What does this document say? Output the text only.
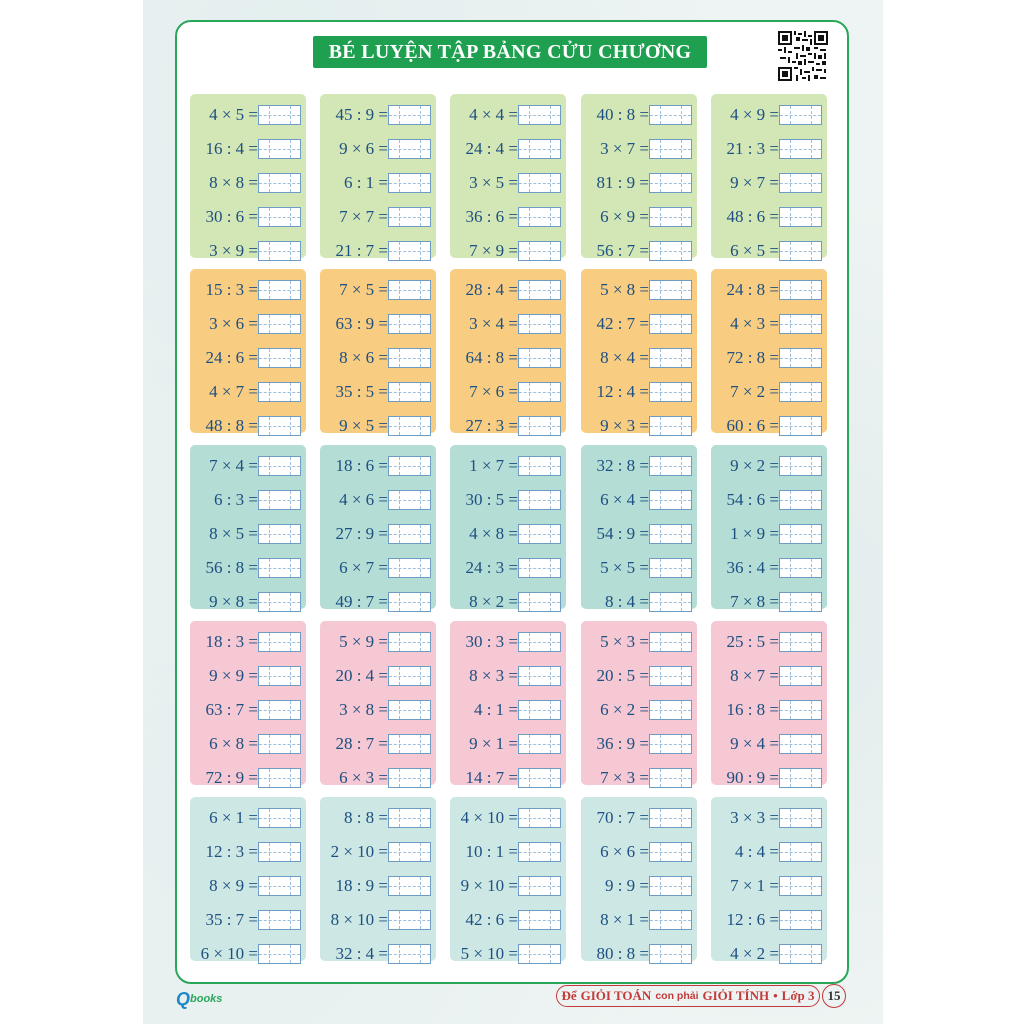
BÉ LUYỆN TẬP BẢNG CỬU CHƯƠNG
4 × 5 =
16 : 4 =
8 × 8 =
30 : 6 =
3 × 9 =
45 : 9 =
9 × 6 =
6 : 1 =
7 × 7 =
21 : 7 =
4 × 4 =
24 : 4 =
3 × 5 =
36 : 6 =
7 × 9 =
40 : 8 =
3 × 7 =
81 : 9 =
6 × 9 =
56 : 7 =
4 × 9 =
21 : 3 =
9 × 7 =
48 : 6 =
6 × 5 =
15 : 3 =
3 × 6 =
24 : 6 =
4 × 7 =
48 : 8 =
7 × 5 =
63 : 9 =
8 × 6 =
35 : 5 =
9 × 5 =
28 : 4 =
3 × 4 =
64 : 8 =
7 × 6 =
27 : 3 =
5 × 8 =
42 : 7 =
8 × 4 =
12 : 4 =
9 × 3 =
24 : 8 =
4 × 3 =
72 : 8 =
7 × 2 =
60 : 6 =
7 × 4 =
6 : 3 =
8 × 5 =
56 : 8 =
9 × 8 =
18 : 6 =
4 × 6 =
27 : 9 =
6 × 7 =
49 : 7 =
1 × 7 =
30 : 5 =
4 × 8 =
24 : 3 =
8 × 2 =
32 : 8 =
6 × 4 =
54 : 9 =
5 × 5 =
8 : 4 =
9 × 2 =
54 : 6 =
1 × 9 =
36 : 4 =
7 × 8 =
18 : 3 =
9 × 9 =
63 : 7 =
6 × 8 =
72 : 9 =
5 × 9 =
20 : 4 =
3 × 8 =
28 : 7 =
6 × 3 =
30 : 3 =
8 × 3 =
4 : 1 =
9 × 1 =
14 : 7 =
5 × 3 =
20 : 5 =
6 × 2 =
36 : 9 =
7 × 3 =
25 : 5 =
8 × 7 =
16 : 8 =
9 × 4 =
90 : 9 =
6 × 1 =
12 : 3 =
8 × 9 =
35 : 7 =
6 × 10 =
8 : 8 =
2 × 10 =
18 : 9 =
8 × 10 =
32 : 4 =
4 × 10 =
10 : 1 =
9 × 10 =
42 : 6 =
5 × 10 =
70 : 7 =
6 × 6 =
9 : 9 =
8 × 1 =
80 : 8 =
3 × 3 =
4 : 4 =
7 × 1 =
12 : 6 =
4 × 2 =
Q books	Để GIỎI TOÁN con phải GIỎI TÍNH • Lớp 3 15
